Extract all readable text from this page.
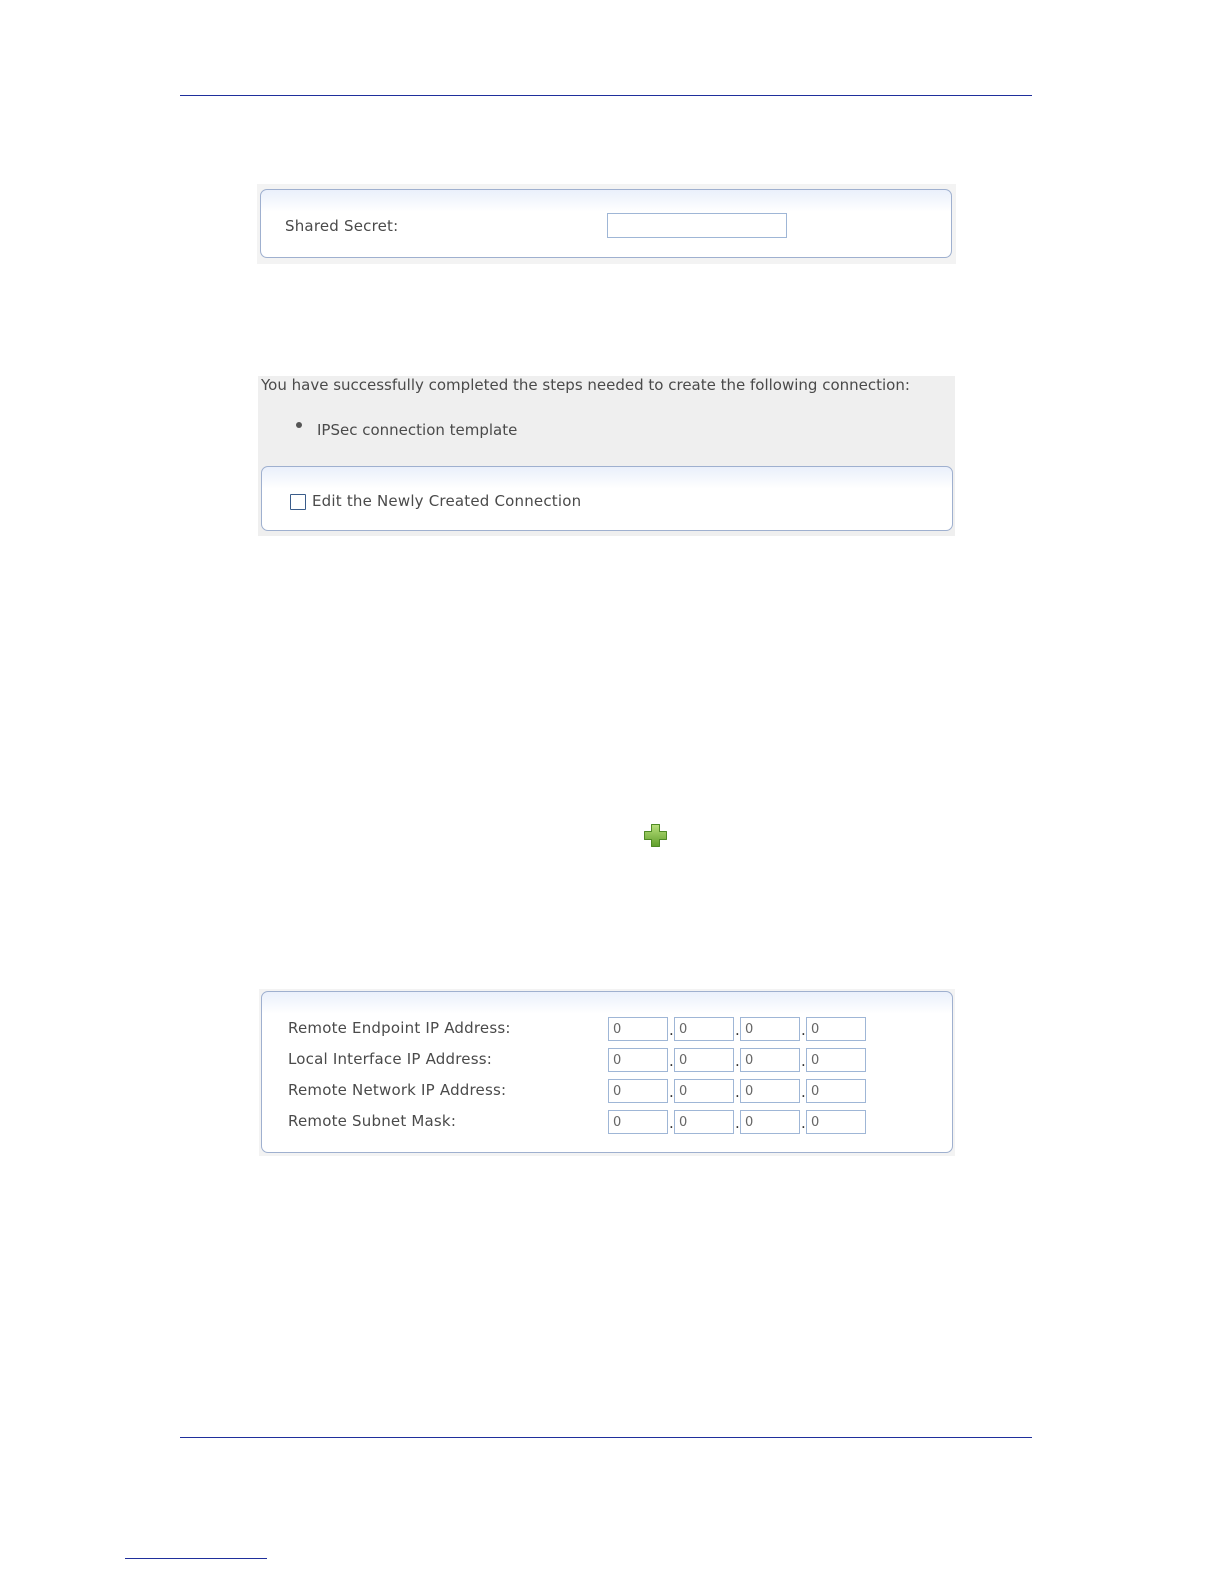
Shared Secret:
You have successfully completed the steps needed to create the following connection:
IPSec connection template
Edit the Newly Created Connection
Remote Endpoint IP Address:
0	.
0	.
0	.
0
Local Interface IP Address:
0	.
0	.
0	.
0
Remote Network IP Address:
0	.
0	.
0	.
0
Remote Subnet Mask:
0	.
0	.
0	.
0
